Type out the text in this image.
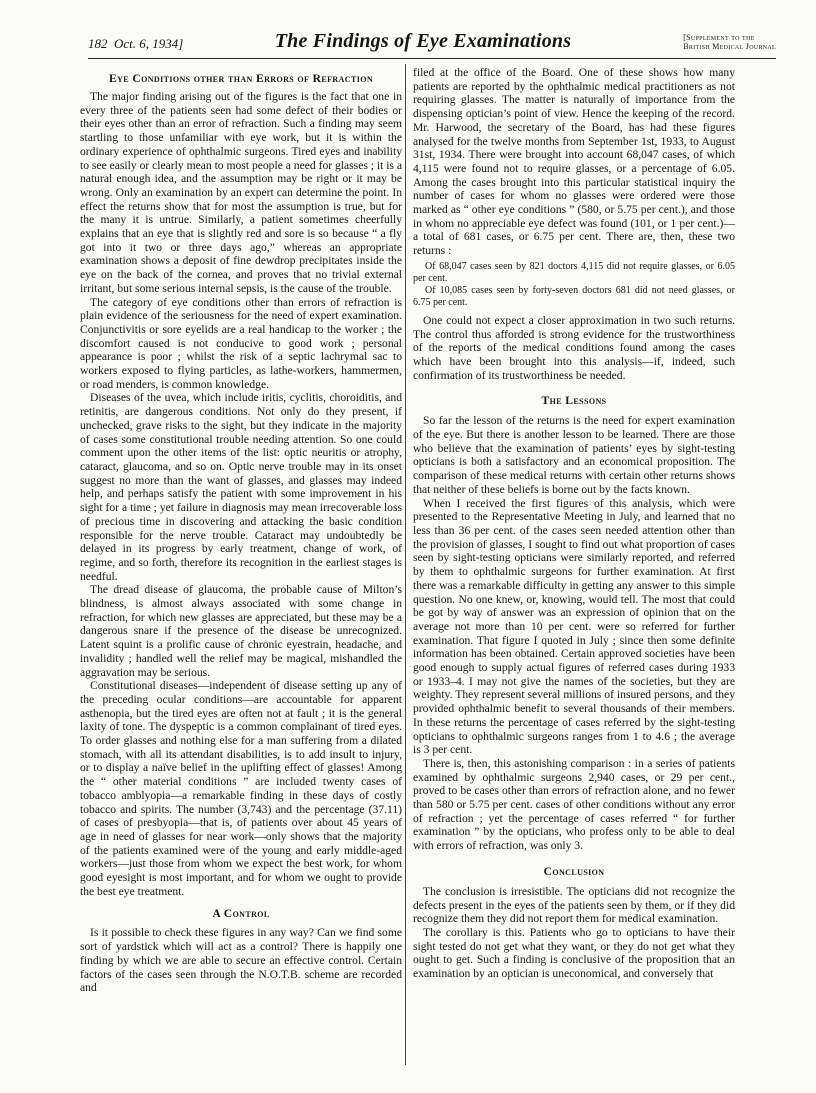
182 Oct. 6, 1934]	The Findings of Eye Examinations	[Supplement to the
British Medical Journal
Eye Conditions other than Errors of Refraction

The major finding arising out of the figures is the fact that one in every three of the patients seen had some defect of their bodies or their eyes other than an error of refraction. Such a finding may seem startling to those unfamiliar with eye work, but it is within the ordinary experience of ophthalmic surgeons. Tired eyes and inability to see easily or clearly mean to most people a need for glasses ; it is a natural enough idea, and the assumption may be right or it may be wrong. Only an examination by an expert can determine the point. In effect the returns show that for most the assumption is true, but for the many it is untrue. Similarly, a patient sometimes cheerfully explains that an eye that is slightly red and sore is so because “ a fly got into it two or three days ago,” whereas an appropriate examination shows a deposit of fine dewdrop precipitates inside the eye on the back of the cornea, and proves that no trivial external irritant, but some serious internal sepsis, is the cause of the trouble.

The category of eye conditions other than errors of refraction is plain evidence of the seriousness for the need of expert examination. Conjunctivitis or sore eyelids are a real handicap to the worker ; the discomfort caused is not conducive to good work ; personal appearance is poor ; whilst the risk of a septic lachrymal sac to workers exposed to flying particles, as lathe-workers, hammermen, or road menders, is common knowledge.

Diseases of the uvea, which include iritis, cyclitis, choroiditis, and retinitis, are dangerous conditions. Not only do they present, if unchecked, grave risks to the sight, but they indicate in the majority of cases some constitutional trouble needing attention. So one could comment upon the other items of the list: optic neuritis or atrophy, cataract, glaucoma, and so on. Optic nerve trouble may in its onset suggest no more than the want of glasses, and glasses may indeed help, and perhaps satisfy the patient with some improvement in his sight for a time ; yet failure in diagnosis may mean irrecoverable loss of precious time in discovering and attacking the basic condition responsible for the nerve trouble. Cataract may undoubtedly be delayed in its progress by early treatment, change of work, of regime, and so forth, therefore its recognition in the earliest stages is needful.

The dread disease of glaucoma, the probable cause of Milton’s blindness, is almost always associated with some change in refraction, for which new glasses are appreciated, but these may be a dangerous snare if the presence of the disease be unrecognized. Latent squint is a prolific cause of chronic eyestrain, headache, and invalidity ; handled well the relief may be magical, mishandled the aggravation may be serious.

Constitutional diseases—independent of disease setting up any of the preceding ocular conditions—are accountable for apparent asthenopia, but the tired eyes are often not at fault ; it is the general laxity of tone. The dyspeptic is a common complainant of tired eyes. To order glasses and nothing else for a man suffering from a dilated stomach, with all its attendant disabilities, is to add insult to injury, or to display a naïve belief in the uplifting effect of glasses! Among the “ other material conditions ” are included twenty cases of tobacco amblyopia—a remarkable finding in these days of costly tobacco and spirits. The number (3,743) and the percentage (37.11) of cases of presbyopia—that is, of patients over about 45 years of age in need of glasses for near work—only shows that the majority of the patients examined were of the young and early middle-aged workers—just those from whom we expect the best work, for whom good eyesight is most important, and for whom we ought to provide the best eye treatment.

A Control

Is it possible to check these figures in any way? Can we find some sort of yardstick which will act as a control? There is happily one finding by which we are able to secure an effective control. Certain factors of the cases seen through the N.O.T.B. scheme are recorded and

filed at the office of the Board. One of these shows how many patients are reported by the ophthalmic medical practitioners as not requiring glasses. The matter is naturally of importance from the dispensing optician’s point of view. Hence the keeping of the record. Mr. Harwood, the secretary of the Board, has had these figures analysed for the twelve months from September 1st, 1933, to August 31st, 1934. There were brought into account 68,047 cases, of which 4,115 were found not to require glasses, or a percentage of 6.05. Among the cases brought into this particular statistical inquiry the number of cases for whom no glasses were ordered were those marked as “ other eye conditions ” (580, or 5.75 per cent.), and those in whom no appreciable eye defect was found (101, or 1 per cent.)—a total of 681 cases, or 6.75 per cent. There are, then, these two returns :

Of 68,047 cases seen by 821 doctors 4,115 did not require glasses, or 6.05 per cent.

Of 10,085 cases seen by forty-seven doctors 681 did not need glasses, or 6.75 per cent.

One could not expect a closer approximation in two such returns. The control thus afforded is strong evidence for the trustworthiness of the reports of the medical conditions found among the cases which have been brought into this analysis—if, indeed, such confirmation of its trustworthiness be needed.

The Lessons

So far the lesson of the returns is the need for expert examination of the eye. But there is another lesson to be learned. There are those who believe that the examination of patients’ eyes by sight-testing opticians is both a satisfactory and an economical proposition. The comparison of these medical returns with certain other returns shows that neither of these beliefs is borne out by the facts known.

When I received the first figures of this analysis, which were presented to the Representative Meeting in July, and learned that no less than 36 per cent. of the cases seen needed attention other than the provision of glasses, I sought to find out what proportion of cases seen by sight-testing opticians were similarly reported, and referred by them to ophthalmic surgeons for further examination. At first there was a remarkable difficulty in getting any answer to this simple question. No one knew, or, knowing, would tell. The most that could be got by way of answer was an expression of opinion that on the average not more than 10 per cent. were so referred for further examination. That figure I quoted in July ; since then some definite information has been obtained. Certain approved societies have been good enough to supply actual figures of referred cases during 1933 or 1933–4. I may not give the names of the societies, but they are weighty. They represent several millions of insured persons, and they provided ophthalmic benefit to several thousands of their members. In these returns the percentage of cases referred by the sight-testing opticians to ophthalmic surgeons ranges from 1 to 4.6 ; the average is 3 per cent.

There is, then, this astonishing comparison : in a series of patients examined by ophthalmic surgeons 2,940 cases, or 29 per cent., proved to be cases other than errors of refraction alone, and no fewer than 580 or 5.75 per cent. cases of other conditions without any error of refraction ; yet the percentage of cases referred “ for further examination ” by the opticians, who profess only to be able to deal with errors of refraction, was only 3.

Conclusion

The conclusion is irresistible. The opticians did not recognize the defects present in the eyes of the patients seen by them, or if they did recognize them they did not report them for medical examination.

The corollary is this. Patients who go to opticians to have their sight tested do not get what they want, or they do not get what they ought to get. Such a finding is conclusive of the proposition that an examination by an optician is uneconomical, and conversely that
